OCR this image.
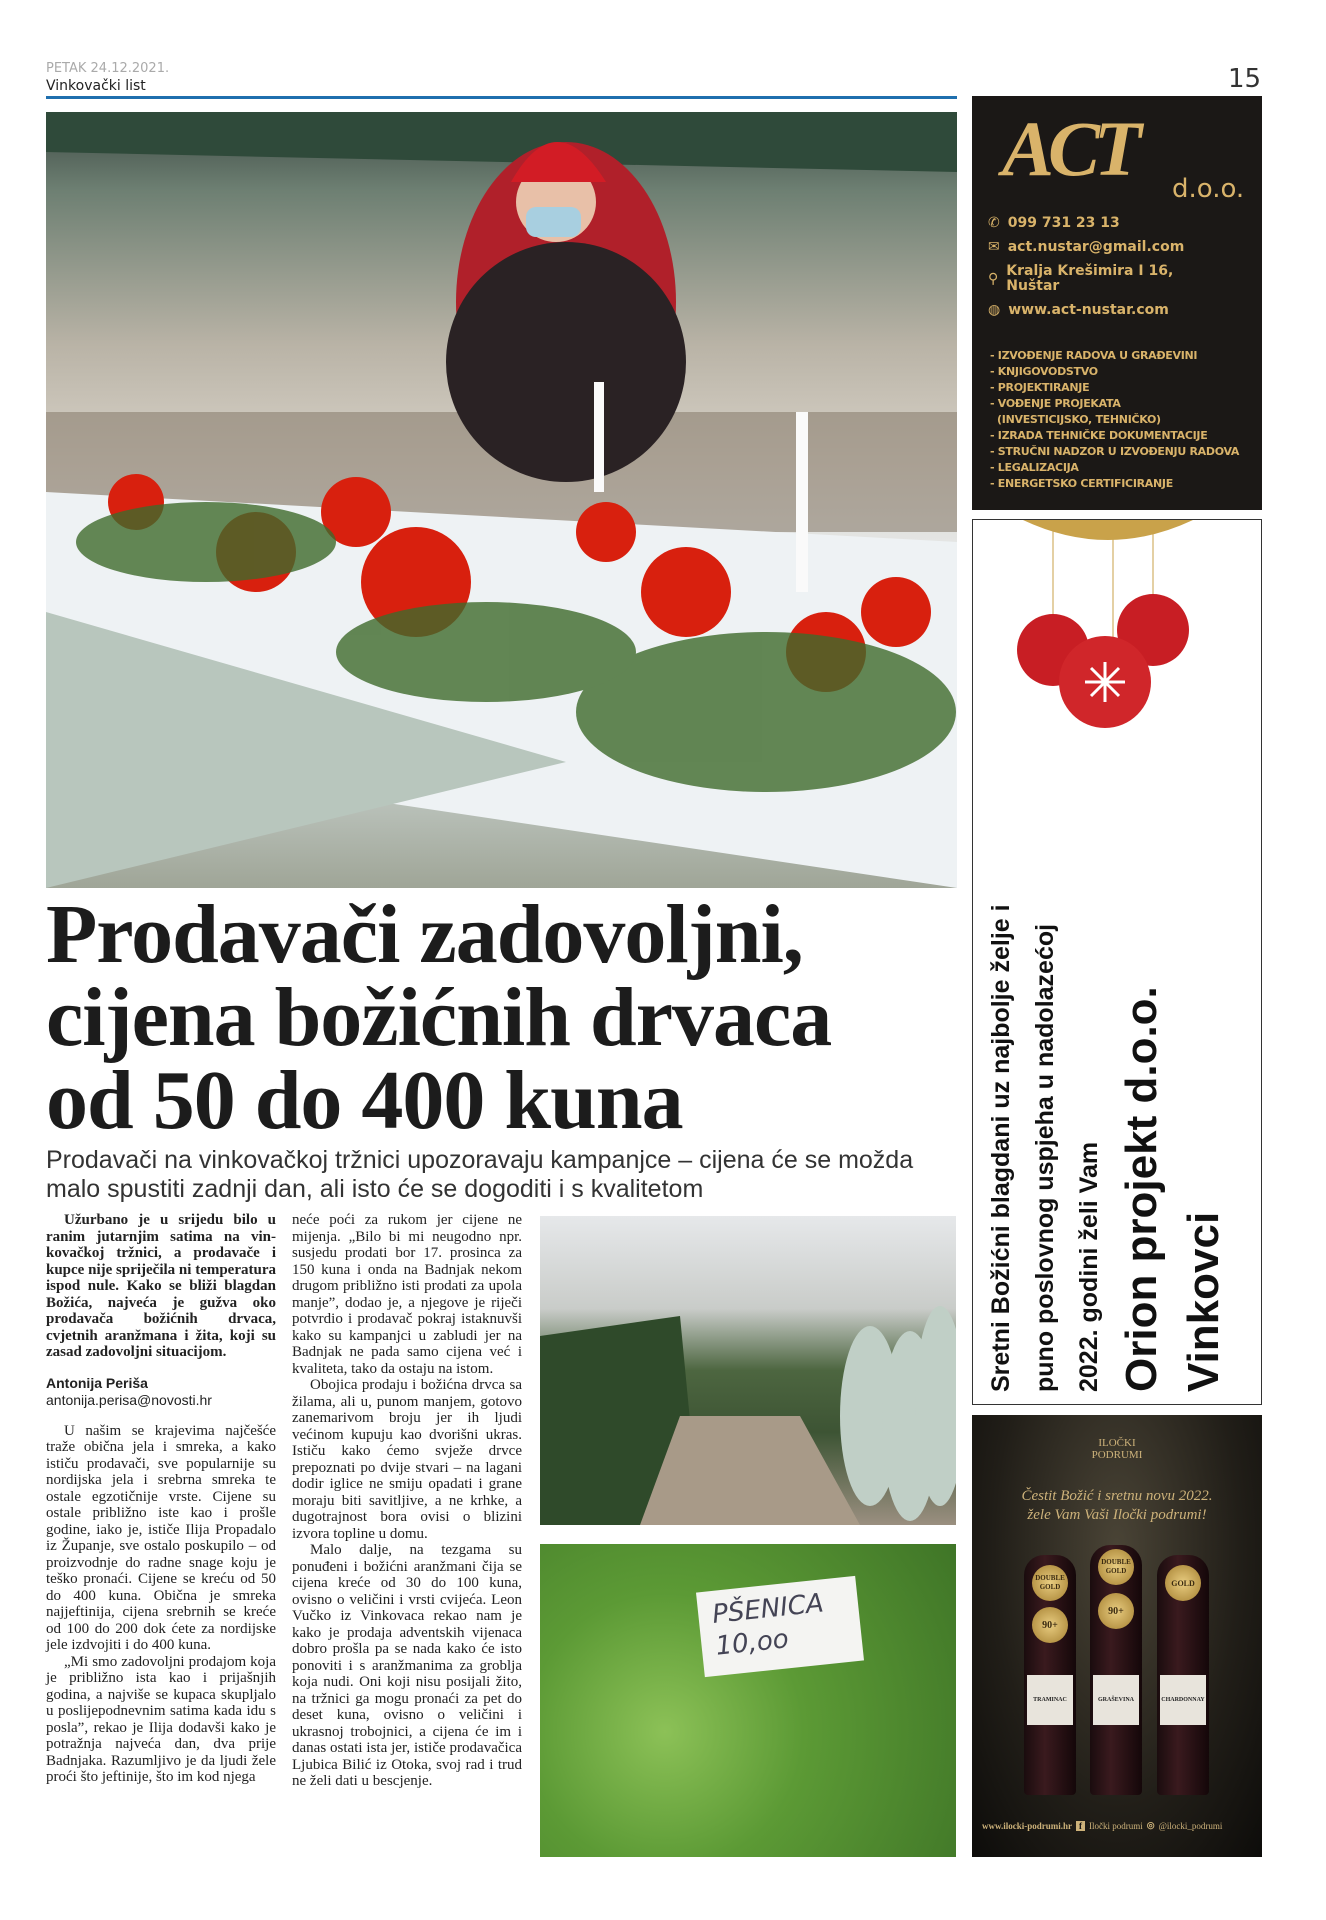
PETAK 24.12.2021.
Vinkovački list	15
Prodavači zadovoljni,
cijena božićnih drvaca
od 50 do 400 kuna
Prodavači na vinkovačkoj tržnici upozoravaju kampanjce – cijena će se možda malo spustiti zadnji dan, ali isto će se dogoditi i s kvalitetom

Užurbano je u srijedu bilo u ranim jutarnjim satima na vinkovačkoj tržnici, a prodavače i kupce nije spriječila ni temperatura ispod nule. Kako se bliži blagdan Božića, najveća je gužva oko prodavača božićnih drvaca, cvjetnih aranžmana i žita, koji su zasad zadovoljni situacijom.

Antonija Periša

antonija.perisa@novosti.hr

U našim se krajevima najčešće traže obična jela i smreka, a kako ističu prodavači, sve popularnije su nordijska jela i srebrna smreka te ostale egzotičnije vrste. Cijene su ostale približno iste kao i prošle godine, iako je, ističe Ilija Propadalo iz Županje, sve ostalo poskupilo – od proizvodnje do radne snage koju je teško pronaći. Cijene se kreću od 50 do 400 kuna. Obična je smreka najjeftinija, cijena srebrnih se kreće od 100 do 200 dok ćete za nordijske jele izdvojiti i do 400 kuna.

„Mi smo zadovoljni prodajom koja je približno ista kao i prijašnjih godina, a najviše se kupaca skupljalo u poslijepodnevnim satima kada idu s posla”, rekao je Ilija dodavši kako je potražnja najveća dan, dva prije Badnjaka. Razumljivo je da ljudi žele proći što jeftinije, što im kod njega

neće poći za rukom jer cijene ne mijenja. „Bilo bi mi neugodno npr. susjedu prodati bor 17. prosinca za 150 kuna i onda na Badnjak nekom drugom približno isti prodati za upola manje”, dodao je, a njegove je riječi potvrdio i prodavač pokraj istaknuvši kako su kampanjci u zabludi jer na Badnjak ne pada samo cijena već i kvaliteta, tako da ostaju na istom.

Obojica prodaju i božićna drvca sa žilama, ali u, punom manjem, gotovo zanemarivom broju jer ih ljudi većinom kupuju kao dvorišni ukras. Ističu kako ćemo svježe drvce prepoznati po dvije stvari – na lagani dodir iglice ne smiju opadati i grane moraju biti savitljive, a ne krhke, a dugotrajnost bora ovisi o blizini izvora topline u domu.

Malo dalje, na tezgama su ponuđeni i božićni aranžmani čija se cijena kreće od 30 do 100 kuna, ovisno o veličini i vrsti cvijeća. Leon Vučko iz Vinkovaca rekao nam je kako je prodaja adventskih vijenaca dobro prošla pa se nada kako će isto ponoviti i s aranžmanima za groblja koja nudi. Oni koji nisu posijali žito, na tržnici ga mogu pronaći za pet do deset kuna, ovisno o veličini i ukrasnoj trobojnici, a cijena će im i danas ostati ista jer, ističe prodavačica Ljubica Bilić iz Otoka, svoj rad i trud ne želi dati u bescjenje.

PŠENICA
10,oo
ACT d.o.o.
✆ 099 731 23 13
✉ act.nustar@gmail.com
⚲ Kralja Krešimira I 16,
Nuštar
◍ www.act-nustar.com
- IZVOĐENJE RADOVA U GRAĐEVINI
- KNJIGOVODSTVO
- PROJEKTIRANJE
- VOĐENJE PROJEKATA
(INVESTICIJSKO, TEHNIČKO)
- IZRADA TEHNIČKE DOKUMENTACIJE
- STRUČNI NADZOR U IZVOĐENJU RADOVA
- LEGALIZACIJA
- ENERGETSKO CERTIFICIRANJE
Sretni Božićni blagdani uz najbolje želje i puno poslovnog uspjeha u nadolazećoj 2022. godini želi Vam Orion projekt d.o.o. Vinkovci
ILOČKI
PODRUMI
Čestit Božić i sretnu novu 2022.
žele Vam Vaši Iločki podrumi!
DOUBLE GOLD
90+
TRAMINAC
DOUBLE GOLD
90+
GRAŠEVINA
GOLD
CHARDONNAY
www.ilocki-podrumi.hr f Iločki podrumi ◎ @ilocki_podrumi
